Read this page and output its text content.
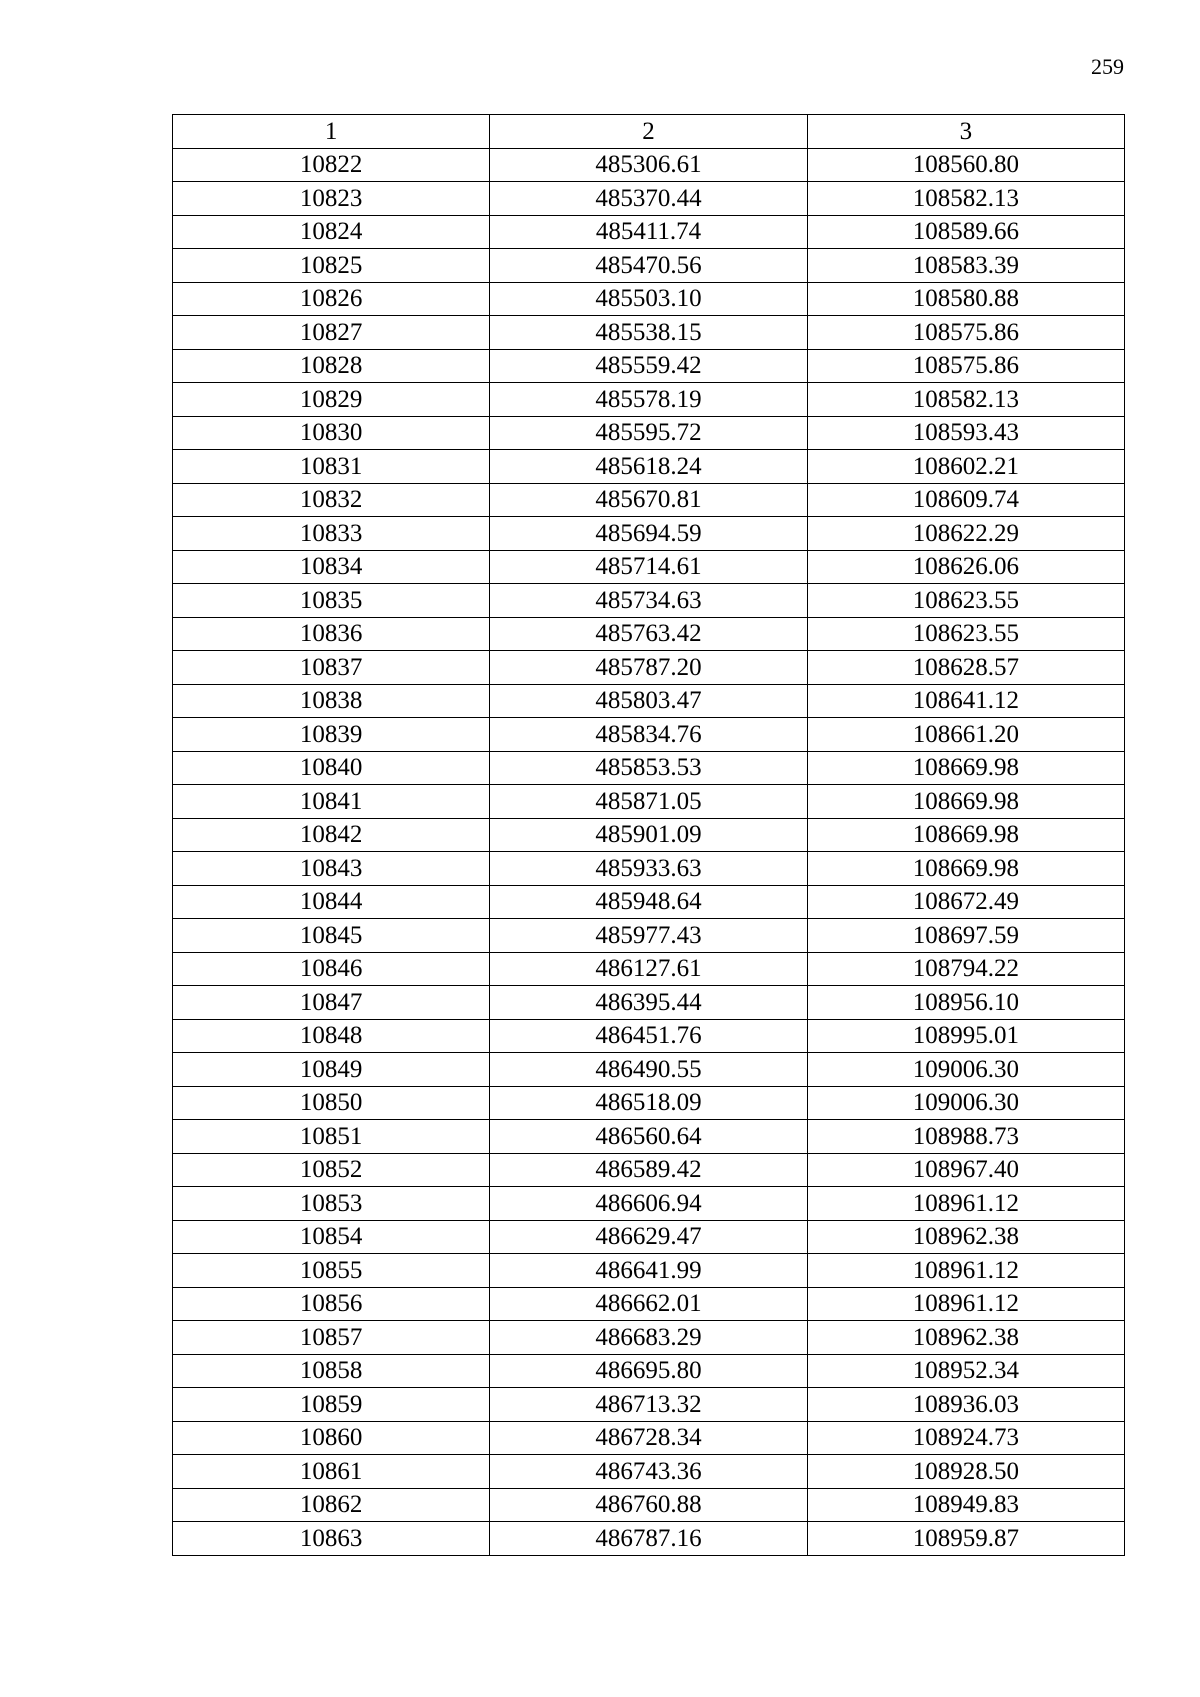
259
1	2	3
10822	485306.61	108560.80
10823	485370.44	108582.13
10824	485411.74	108589.66
10825	485470.56	108583.39
10826	485503.10	108580.88
10827	485538.15	108575.86
10828	485559.42	108575.86
10829	485578.19	108582.13
10830	485595.72	108593.43
10831	485618.24	108602.21
10832	485670.81	108609.74
10833	485694.59	108622.29
10834	485714.61	108626.06
10835	485734.63	108623.55
10836	485763.42	108623.55
10837	485787.20	108628.57
10838	485803.47	108641.12
10839	485834.76	108661.20
10840	485853.53	108669.98
10841	485871.05	108669.98
10842	485901.09	108669.98
10843	485933.63	108669.98
10844	485948.64	108672.49
10845	485977.43	108697.59
10846	486127.61	108794.22
10847	486395.44	108956.10
10848	486451.76	108995.01
10849	486490.55	109006.30
10850	486518.09	109006.30
10851	486560.64	108988.73
10852	486589.42	108967.40
10853	486606.94	108961.12
10854	486629.47	108962.38
10855	486641.99	108961.12
10856	486662.01	108961.12
10857	486683.29	108962.38
10858	486695.80	108952.34
10859	486713.32	108936.03
10860	486728.34	108924.73
10861	486743.36	108928.50
10862	486760.88	108949.83
10863	486787.16	108959.87
